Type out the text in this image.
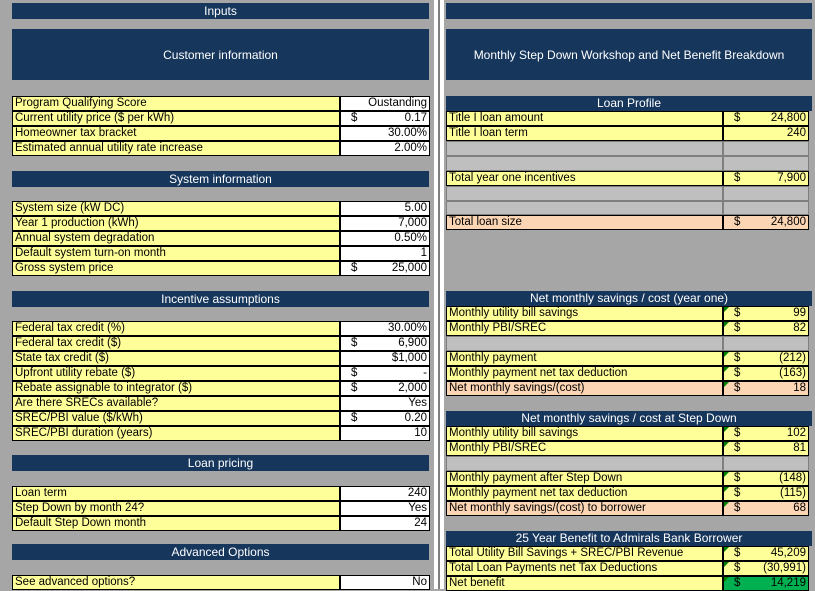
Inputs
Customer information
Program Qualifying Score	Oustanding
Current utility price ($ per kWh)	$	0.17
Homeowner tax bracket	30.00%
Estimated annual utility rate increase	2.00%
System information
System size (kW DC)	5.00
Year 1 production (kWh)	7,000
Annual system degradation	0.50%
Default system turn-on month	1
Gross system price	$	25,000
Incentive assumptions
Federal tax credit (%)	30.00%
Federal tax credit ($)	$	6,900
State tax credit ($)	$1,000
Upfront utility rebate ($)	$	-
Rebate assignable to integrator ($)	$	2,000
Are there SRECs available?	Yes
SREC/PBI value ($/kWh)	$	0.20
SREC/PBI duration (years)	10
Loan pricing
Loan term	240
Step Down by month 24?	Yes
Default Step Down month	24
Advanced Options
See advanced options?	No
Monthly Step Down Workshop and Net Benefit Breakdown
Loan Profile
Title I loan amount	$	24,800
Title I loan term	240
Total year one incentives	$	7,900
Total loan size	$	24,800
Net monthly savings / cost (year one)
Monthly utility bill savings	$	99
Monthly PBI/SREC	$	82
Monthly payment	$	(212)
Monthly payment net tax deduction	$	(163)
Net monthly savings/(cost)	$	18
Net monthly savings / cost at Step Down
Monthly utility bill savings	$	102
Monthly PBI/SREC	$	81
Monthly payment after Step Down	$	(148)
Monthly payment net tax deduction	$	(115)
Net monthly savings/(cost) to borrower	$	68
25 Year Benefit to Admirals Bank Borrower
Total Utility Bill Savings + SREC/PBI Revenue	$	45,209
Total Loan Payments net Tax Deductions	$ (30,991)
Net benefit	$	14,219
